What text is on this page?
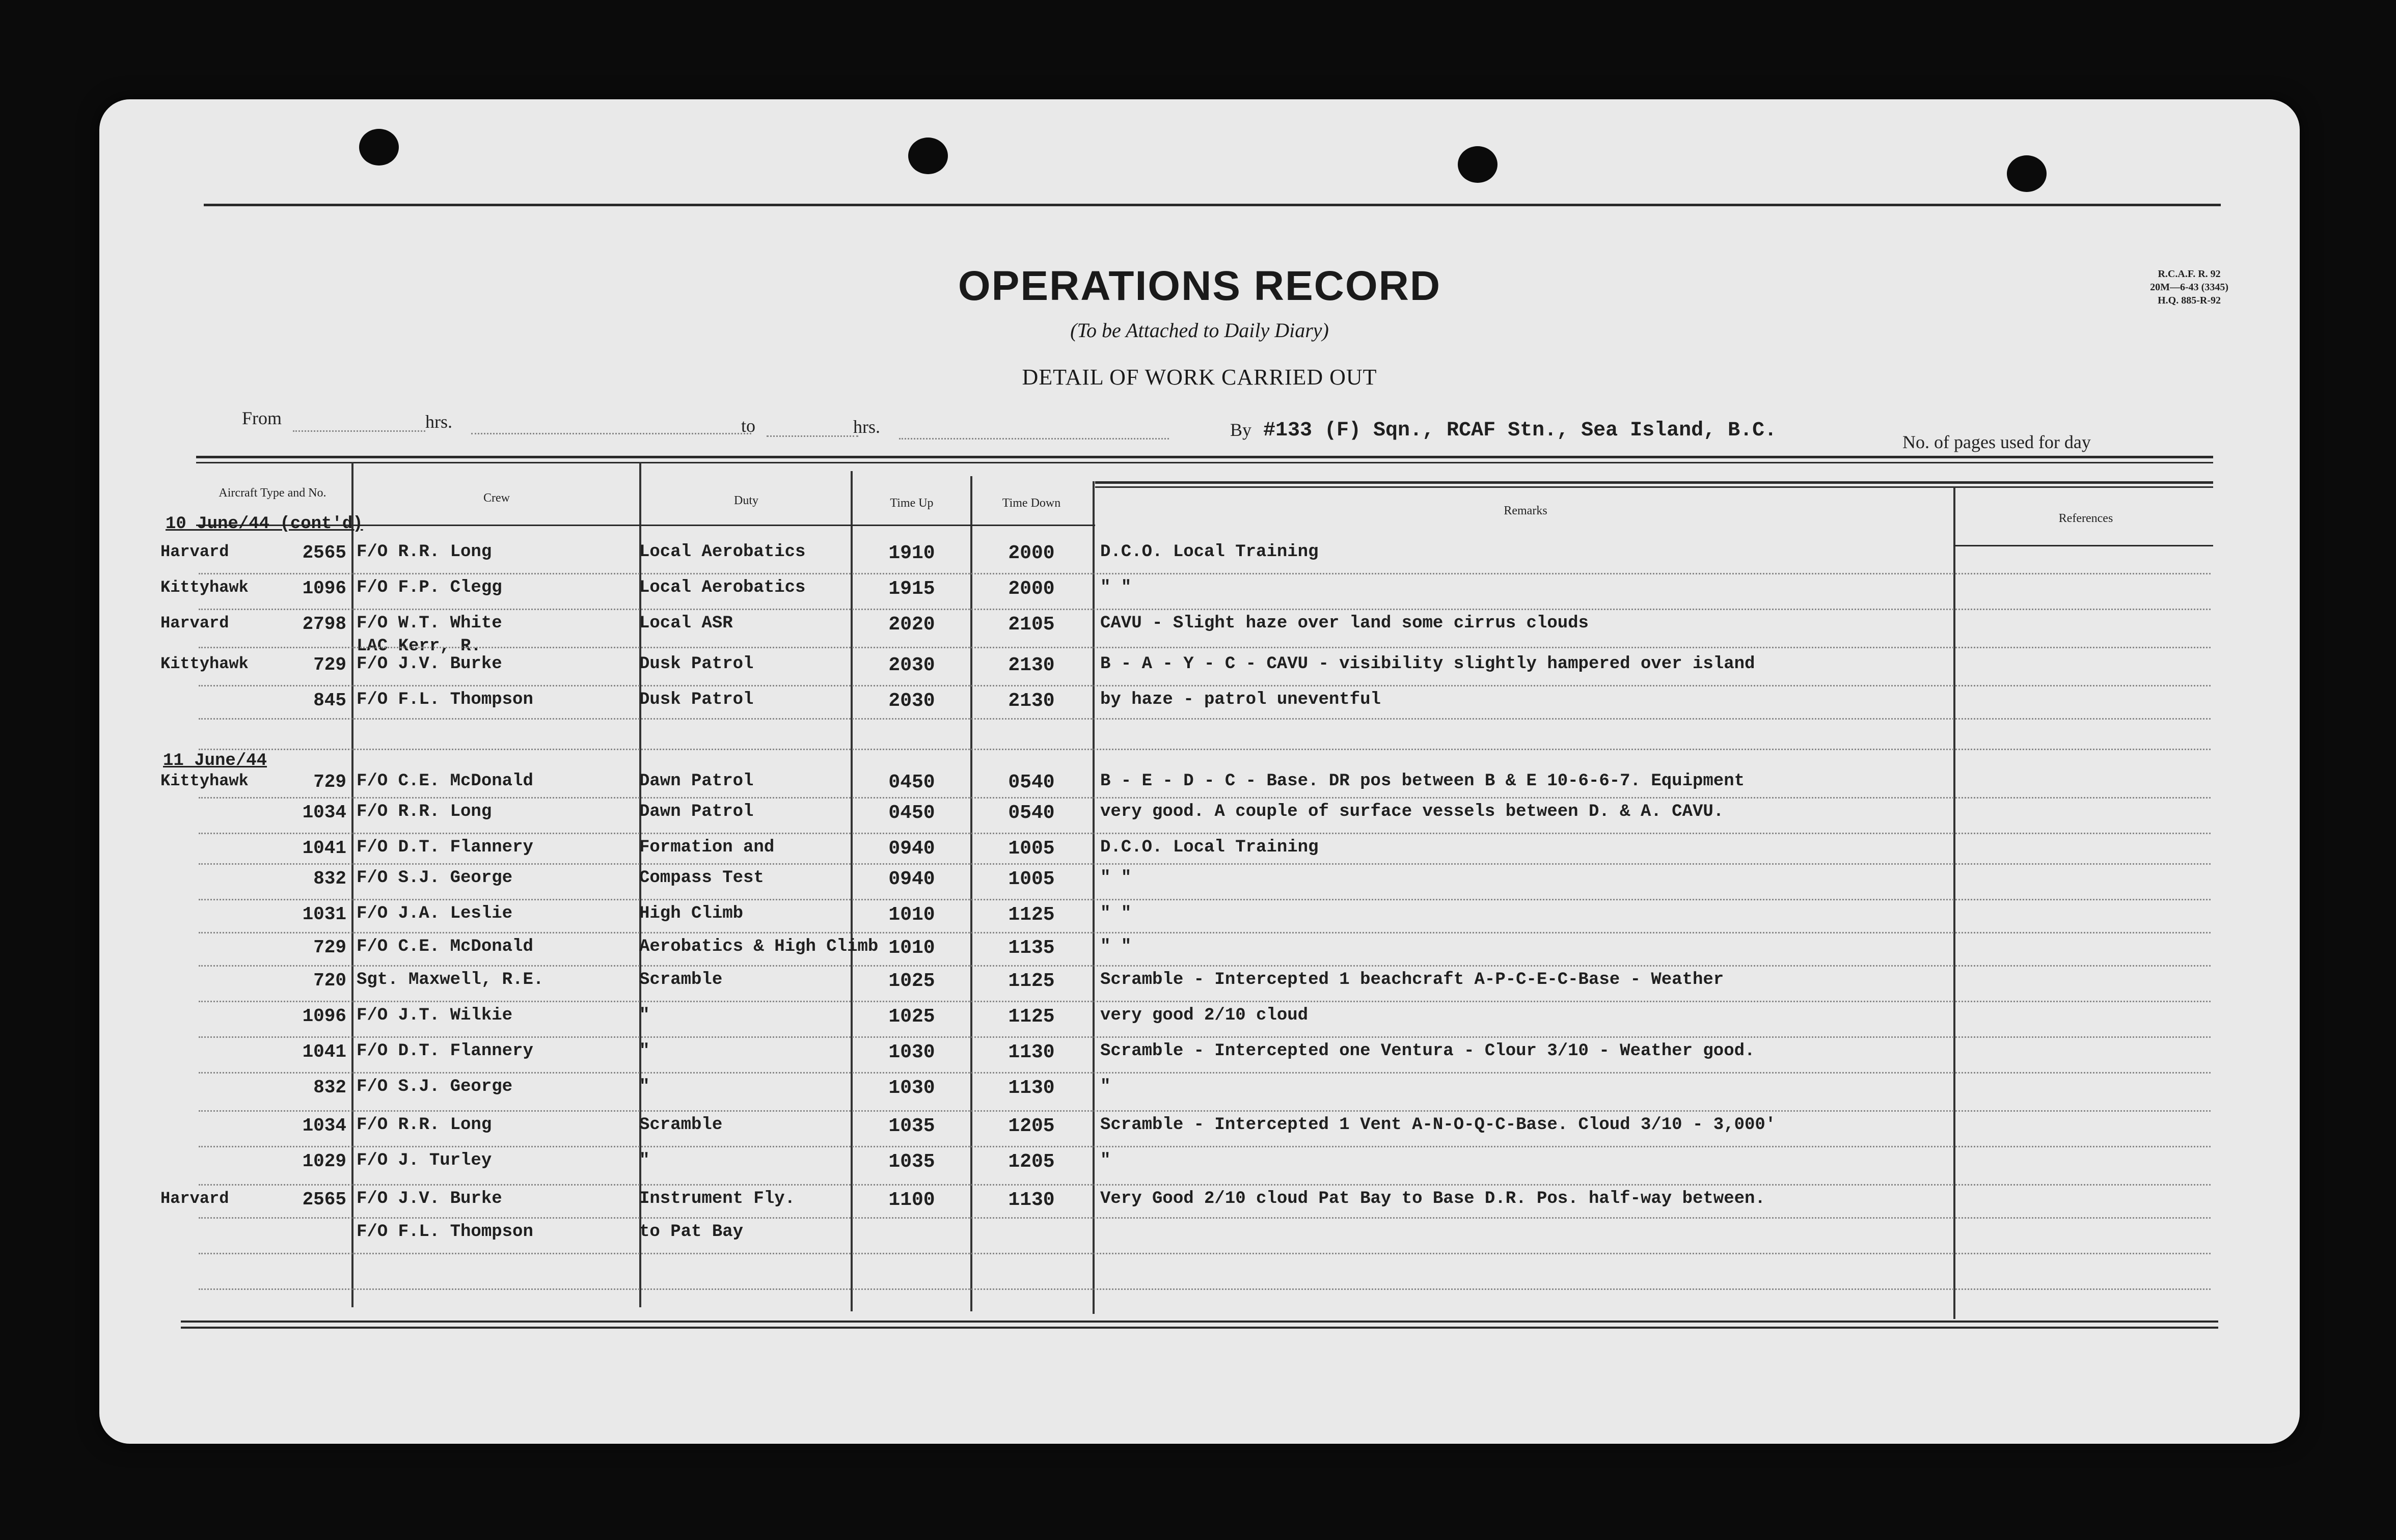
OPERATIONS RECORD
(To be Attached to Daily Diary)
DETAIL OF WORK CARRIED OUT
R.C.A.F. R. 92
20M—6-43 (3345)
H.Q. 885-R-92
From	hrs.	to	hrs.	By #133 (F) Sqn., RCAF Stn., Sea Island, B.C.	No. of pages used for day
Aircraft Type and No.	Crew	Duty	Time Up	Time Down
Remarks
References
10 June/44 (cont'd)
11 June/44
Harvard	2565 F/O R.R. Long	Local Aerobatics	1910	2000	D.C.O. Local Training
Kittyhawk	1096 F/O F.P. Clegg	Local Aerobatics	1915	2000	" "
Harvard	2798 F/O W.T. White	Local ASR	2020	2105	CAVU - Slight haze over land some cirrus clouds
LAC Kerr, R.
Kittyhawk	729 F/O J.V. Burke	Dusk Patrol	2030	2130	B - A - Y - C - CAVU - visibility slightly hampered over island
845 F/O F.L. Thompson	Dusk Patrol	2030	2130	by haze - patrol uneventful
Kittyhawk	729 F/O C.E. McDonald	Dawn Patrol	0450	0540	B - E - D - C - Base. DR pos between B & E 10-6-6-7. Equipment
1034 F/O R.R. Long	Dawn Patrol	0450	0540	very good. A couple of surface vessels between D. & A. CAVU.
1041 F/O D.T. Flannery	Formation and	0940	1005	D.C.O. Local Training
832 F/O S.J. George	Compass Test	0940	1005	" "
1031 F/O J.A. Leslie	High Climb	1010	1125	" "
729 F/O C.E. McDonald	Aerobatics & High Climb 1010	1135	" "
720 Sgt. Maxwell, R.E.	Scramble	1025	1125	Scramble - Intercepted 1 beachcraft A-P-C-E-C-Base - Weather
1096 F/O J.T. Wilkie	"	1025	1125	very good 2/10 cloud
1041 F/O D.T. Flannery	"	1030	1130	Scramble - Intercepted one Ventura - Clour 3/10 - Weather good.
832 F/O S.J. George	"	1030	1130	"
1034 F/O R.R. Long	Scramble	1035	1205	Scramble - Intercepted 1 Vent A-N-O-Q-C-Base. Cloud 3/10 - 3,000'
1029 F/O J. Turley	"	1035	1205	"
Harvard	2565 F/O J.V. Burke	Instrument Fly.	1100	1130	Very Good 2/10 cloud Pat Bay to Base D.R. Pos. half-way between.
F/O F.L. Thompson	to Pat Bay
